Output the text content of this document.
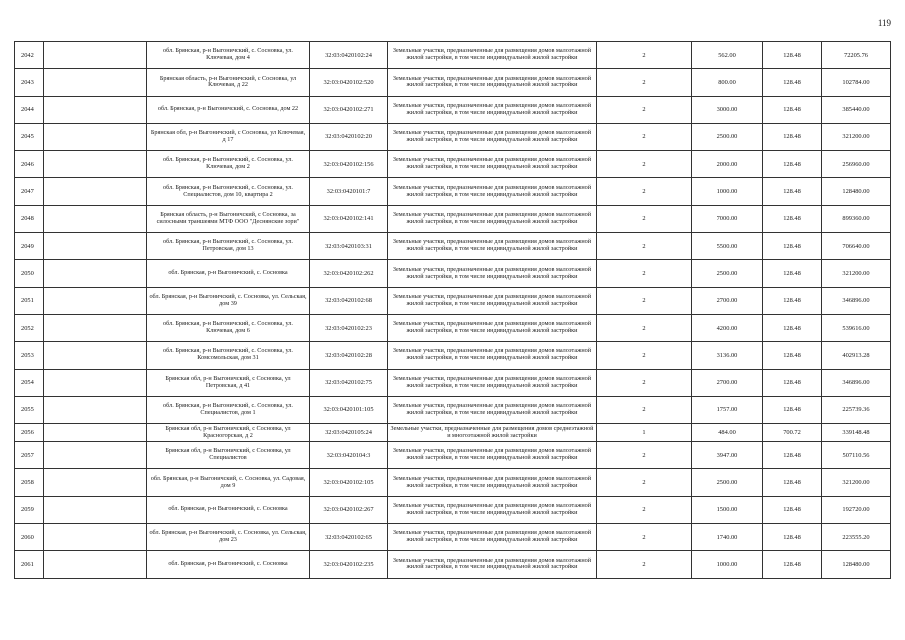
119
2042		обл. Брянская, р-н Выгоничский, с. Сосновка, ул. Ключевая, дом 4	32:03:0420102:24	Земельные участки, предназначенные для размещения домов малоэтажной жилой застройки, в том числе индивидуальной жилой застройки	2	562.00	128.48	72205.76
2043		Брянская область, р-н Выгоничский, с Сосновка, ул Ключевая, д 22	32:03:0420102:520	Земельные участки, предназначенные для размещения домов малоэтажной жилой застройки, в том числе индивидуальной жилой застройки	2	800.00	128.48	102784.00
2044		обл. Брянская, р-н Выгоничский, с. Сосновка, дом 22	32:03:0420102:271	Земельные участки, предназначенные для размещения домов малоэтажной жилой застройки, в том числе индивидуальной жилой застройки	2	3000.00	128.48	385440.00
2045		Брянская обл, р-н Выгоничский, с Сосновка, ул Ключевая, д 17	32:03:0420102:20	Земельные участки, предназначенные для размещения домов малоэтажной жилой застройки, в том числе индивидуальной жилой застройки	2	2500.00	128.48	321200.00
2046		обл. Брянская, р-н Выгоничский, с. Сосновка, ул. Ключевая, дом 2	32:03:0420102:156	Земельные участки, предназначенные для размещения домов малоэтажной жилой застройки, в том числе индивидуальной жилой застройки	2	2000.00	128.48	256960.00
2047		обл. Брянская, р-н Выгоничский, с. Сосновка, ул. Специалистов, дом 10, квартира 2	32:03:0420101:7	Земельные участки, предназначенные для размещения домов малоэтажной жилой застройки, в том числе индивидуальной жилой застройки	2	1000.00	128.48	128480.00
2048		Брянская область, р-н Выгоничский, с Сосновка, за силосными траншеями МТФ ООО "Деснянские зори"	32:03:0420102:141	Земельные участки, предназначенные для размещения домов малоэтажной жилой застройки, в том числе индивидуальной жилой застройки	2	7000.00	128.48	899360.00
2049		обл. Брянская, р-н Выгоничский, с. Сосновка, ул. Петровская, дом 13	32:03:0420103:31	Земельные участки, предназначенные для размещения домов малоэтажной жилой застройки, в том числе индивидуальной жилой застройки	2	5500.00	128.48	706640.00
2050		обл. Брянская, р-н Выгоничский, с. Сосновка	32:03:0420102:262	Земельные участки, предназначенные для размещения домов малоэтажной жилой застройки, в том числе индивидуальной жилой застройки	2	2500.00	128.48	321200.00
2051		обл. Брянская, р-н Выгоничский, с. Сосновка, ул. Сельская, дом 39	32:03:0420102:68	Земельные участки, предназначенные для размещения домов малоэтажной жилой застройки, в том числе индивидуальной жилой застройки	2	2700.00	128.48	346896.00
2052		обл. Брянская, р-н Выгоничский, с. Сосновка, ул. Ключевая, дом 6	32:03:0420102:23	Земельные участки, предназначенные для размещения домов малоэтажной жилой застройки, в том числе индивидуальной жилой застройки	2	4200.00	128.48	539616.00
2053		обл. Брянская, р-н Выгоничский, с. Сосновка, ул. Комсомольская, дом 31	32:03:0420102:28	Земельные участки, предназначенные для размещения домов малоэтажной жилой застройки, в том числе индивидуальной жилой застройки	2	3136.00	128.48	402913.28
2054		Брянская обл, р-н Выгоничский, с Сосновка, ул Петровская, д 41	32:03:0420102:75	Земельные участки, предназначенные для размещения домов малоэтажной жилой застройки, в том числе индивидуальной жилой застройки	2	2700.00	128.48	346896.00
2055		обл. Брянская, р-н Выгоничский, с. Сосновка, ул. Специалистов, дом 1	32:03:0420101:105	Земельные участки, предназначенные для размещения домов малоэтажной жилой застройки, в том числе индивидуальной жилой застройки	2	1757.00	128.48	225739.36
2056		Брянская обл, р-н Выгоничский, с Сосновка, ул Красногорская, д 2	32:03:0420105:24	Земельные участки, предназначенные для размещения домов среднеэтажной и многоэтажной жилой застройки	1	484.00	700.72	339148.48
2057		Брянская обл, р-н Выгоничский, с Сосновка, ул Специалистов	32:03:0420104:3	Земельные участки, предназначенные для размещения домов малоэтажной жилой застройки, в том числе индивидуальной жилой застройки	2	3947.00	128.48	507110.56
2058		обл. Брянская, р-н Выгоничский, с. Сосновка, ул. Садовая, дом 9	32:03:0420102:105	Земельные участки, предназначенные для размещения домов малоэтажной жилой застройки, в том числе индивидуальной жилой застройки	2	2500.00	128.48	321200.00
2059		обл. Брянская, р-н Выгоничский, с. Сосновка	32:03:0420102:267	Земельные участки, предназначенные для размещения домов малоэтажной жилой застройки, в том числе индивидуальной жилой застройки	2	1500.00	128.48	192720.00
2060		обл. Брянская, р-н Выгоничский, с. Сосновка, ул. Сельская, дом 23	32:03:0420102:65	Земельные участки, предназначенные для размещения домов малоэтажной жилой застройки, в том числе индивидуальной жилой застройки	2	1740.00	128.48	223555.20
2061		обл. Брянская, р-н Выгоничский, с. Сосновка	32:03:0420102:235	Земельные участки, предназначенные для размещения домов малоэтажной жилой застройки, в том числе индивидуальной жилой застройки	2	1000.00	128.48	128480.00
